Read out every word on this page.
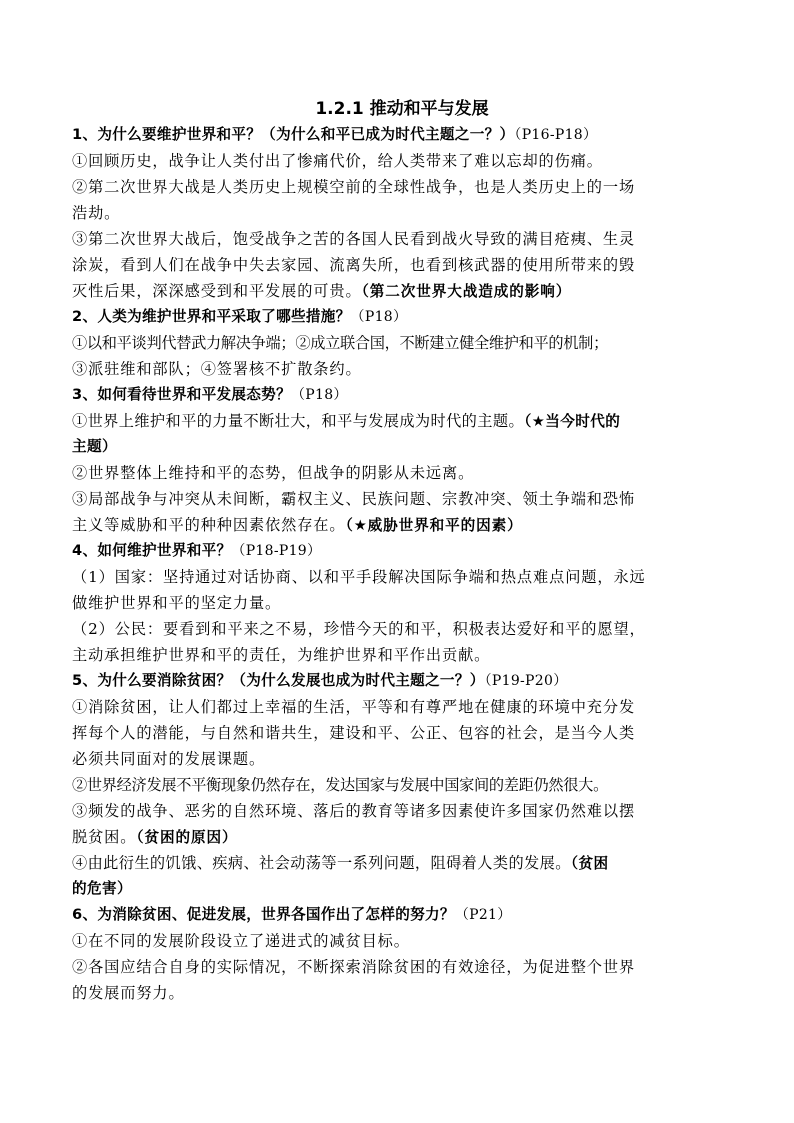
1.2.1 推动和平与发展
1、为什么要维护世界和平？（为什么和平已成为时代主题之一？）（P16-P18）
①回顾历史，战争让人类付出了惨痛代价，给人类带来了难以忘却的伤痛。
②第二次世界大战是人类历史上规模空前的全球性战争，也是人类历史上的一场
浩劫。
③第二次世界大战后，饱受战争之苦的各国人民看到战火导致的满目疮痍、生灵
涂炭，看到人们在战争中失去家园、流离失所，也看到核武器的使用所带来的毁
灭性后果，深深感受到和平发展的可贵。（第二次世界大战造成的影响）
2、人类为维护世界和平采取了哪些措施？（P18）
①以和平谈判代替武力解决争端；②成立联合国，不断建立健全维护和平的机制；
③派驻维和部队；④签署核不扩散条约。
3、如何看待世界和平发展态势？（P18）
①世界上维护和平的力量不断壮大，和平与发展成为时代的主题。（★当今时代的
主题）
②世界整体上维持和平的态势，但战争的阴影从未远离。
③局部战争与冲突从未间断，霸权主义、民族问题、宗教冲突、领土争端和恐怖
主义等威胁和平的种种因素依然存在。（★威胁世界和平的因素）
4、如何维护世界和平？（P18-P19）
（1）国家：坚持通过对话协商、以和平手段解决国际争端和热点难点问题，永远
做维护世界和平的坚定力量。
（2）公民：要看到和平来之不易，珍惜今天的和平，积极表达爱好和平的愿望，
主动承担维护世界和平的责任，为维护世界和平作出贡献。
5、为什么要消除贫困？（为什么发展也成为时代主题之一？）（P19-P20）
①消除贫困，让人们都过上幸福的生活，平等和有尊严地在健康的环境中充分发
挥每个人的潜能，与自然和谐共生，建设和平、公正、包容的社会，是当今人类
必须共同面对的发展课题。
②世界经济发展不平衡现象仍然存在，发达国家与发展中国家间的差距仍然很大。
③频发的战争、恶劣的自然环境、落后的教育等诸多因素使许多国家仍然难以摆
脱贫困。（贫困的原因）
④由此衍生的饥饿、疾病、社会动荡等一系列问题，阻碍着人类的发展。（贫困
的危害）
6、为消除贫困、促进发展，世界各国作出了怎样的努力？（P21）
①在不同的发展阶段设立了递进式的减贫目标。
②各国应结合自身的实际情况，不断探索消除贫困的有效途径，为促进整个世界
的发展而努力。
